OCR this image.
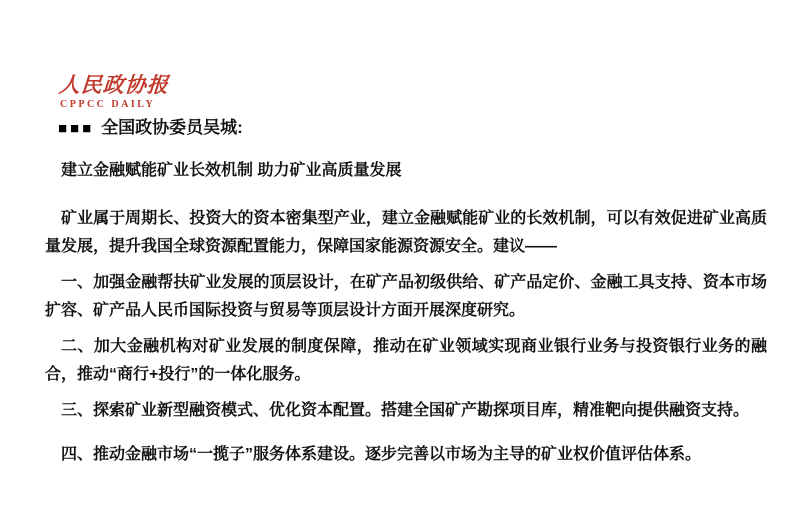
人民政协报
CPPCC DAILY
■■■ 全国政协委员吴城:
建立金融赋能矿业长效机制 助力矿业高质量发展

矿业属于周期长、投资大的资本密集型产业，建立金融赋能矿业的长效机制，可以有效促进矿业高质量发展，提升我国全球资源配置能力，保障国家能源资源安全。建议——

一、加强金融帮扶矿业发展的顶层设计，在矿产品初级供给、矿产品定价、金融工具支持、资本市场扩容、矿产品人民币国际投资与贸易等顶层设计方面开展深度研究。

二、加大金融机构对矿业发展的制度保障，推动在矿业领域实现商业银行业务与投资银行业务的融合，推动“商行+投行”的一体化服务。

三、探索矿业新型融资模式、优化资本配置。搭建全国矿产勘探项目库，精准靶向提供融资支持。

四、推动金融市场“一揽子”服务体系建设。逐步完善以市场为主导的矿业权价值评估体系。
